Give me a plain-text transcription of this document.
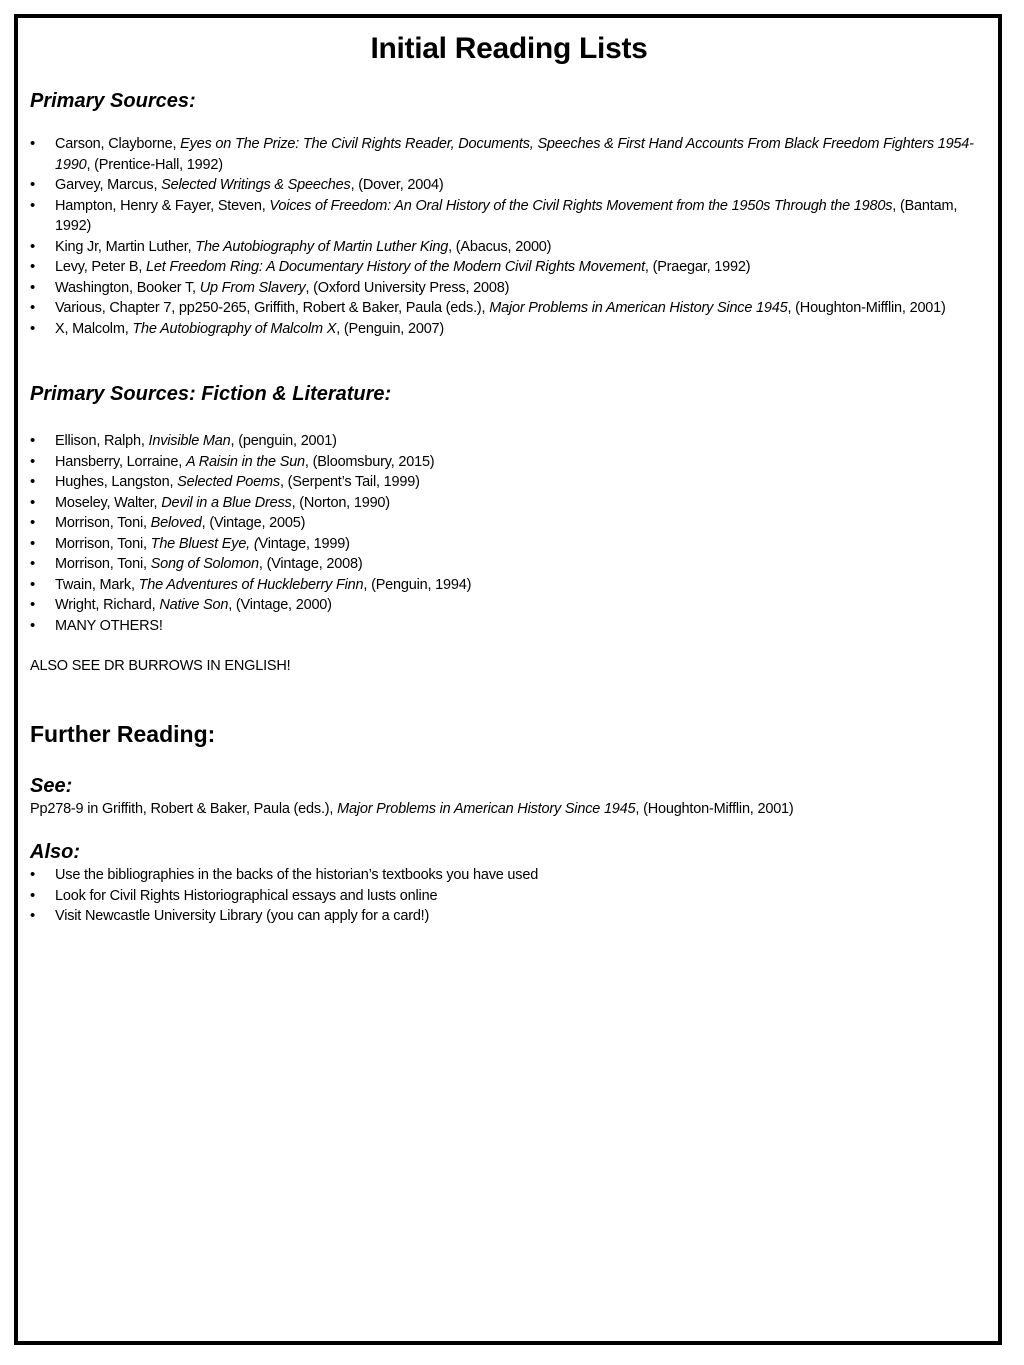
Initial Reading Lists
Primary Sources:
• Carson, Clayborne, Eyes on The Prize: The Civil Rights Reader, Documents, Speeches & First Hand Accounts From Black Freedom Fighters 1954-1990, (Prentice-Hall, 1992)
• Garvey, Marcus, Selected Writings & Speeches, (Dover, 2004)
• Hampton, Henry & Fayer, Steven, Voices of Freedom: An Oral History of the Civil Rights Movement from the 1950s Through the 1980s, (Bantam, 1992)
• King Jr, Martin Luther, The Autobiography of Martin Luther King, (Abacus, 2000)
• Levy, Peter B, Let Freedom Ring: A Documentary History of the Modern Civil Rights Movement, (Praegar, 1992)
• Washington, Booker T, Up From Slavery, (Oxford University Press, 2008)
• Various, Chapter 7, pp250-265, Griffith, Robert & Baker, Paula (eds.), Major Problems in American History Since 1945, (Houghton-Mifflin, 2001)
• X, Malcolm, The Autobiography of Malcolm X, (Penguin, 2007)
Primary Sources: Fiction & Literature:
• Ellison, Ralph, Invisible Man, (penguin, 2001)
• Hansberry, Lorraine, A Raisin in the Sun, (Bloomsbury, 2015)
• Hughes, Langston, Selected Poems, (Serpent’s Tail, 1999)
• Moseley, Walter, Devil in a Blue Dress, (Norton, 1990)
• Morrison, Toni, Beloved, (Vintage, 2005)
• Morrison, Toni, The Bluest Eye, (Vintage, 1999)
• Morrison, Toni, Song of Solomon, (Vintage, 2008)
• Twain, Mark, The Adventures of Huckleberry Finn, (Penguin, 1994)
• Wright, Richard, Native Son, (Vintage, 2000)
• MANY OTHERS!

ALSO SEE DR BURROWS IN ENGLISH!

Further Reading:
See:

Pp278-9 in Griffith, Robert & Baker, Paula (eds.), Major Problems in American History Since 1945, (Houghton-Mifflin, 2001)

Also:
• Use the bibliographies in the backs of the historian’s textbooks you have used
• Look for Civil Rights Historiographical essays and lusts online
• Visit Newcastle University Library (you can apply for a card!)
